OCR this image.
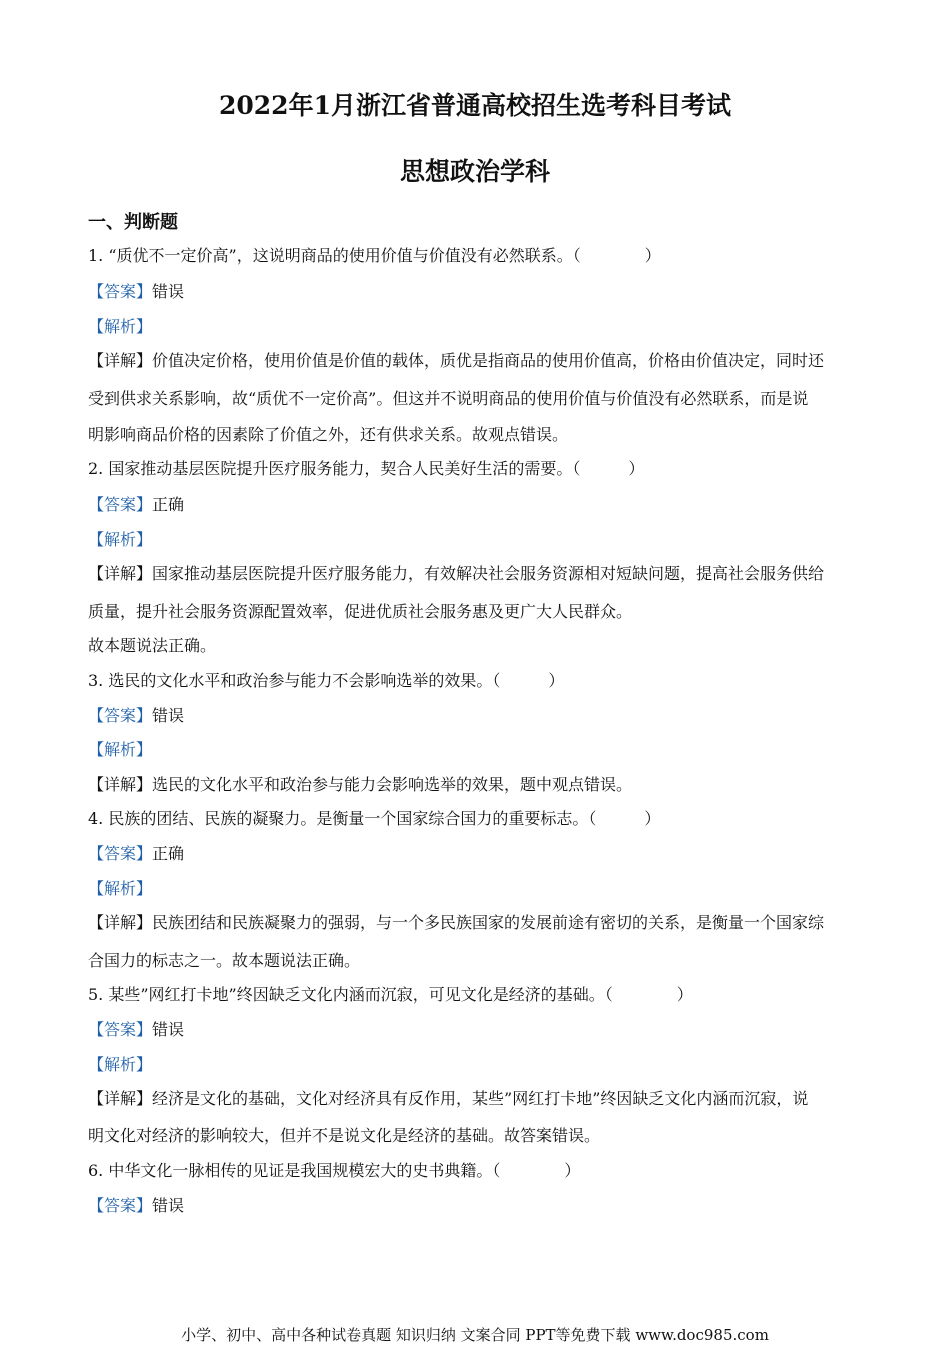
2022年1月浙江省普通高校招生选考科目考试
思想政治学科
一、判断题
1. “质优不一定价高”，这说明商品的使用价值与价值没有必然联系。（　　　　）
【答案】错误
【解析】
【详解】价值决定价格，使用价值是价值的载体，质优是指商品的使用价值高，价格由价值决定，同时还
受到供求关系影响，故“质优不一定价高”。但这并不说明商品的使用价值与价值没有必然联系，而是说
明影响商品价格的因素除了价值之外，还有供求关系。故观点错误。
2. 国家推动基层医院提升医疗服务能力，契合人民美好生活的需要。（　　　）
【答案】正确
【解析】
【详解】国家推动基层医院提升医疗服务能力，有效解决社会服务资源相对短缺问题，提高社会服务供给
质量，提升社会服务资源配置效率，促进优质社会服务惠及更广大人民群众。
故本题说法正确。
3. 选民的文化水平和政治参与能力不会影响选举的效果。（　　　）
【答案】错误
【解析】
【详解】选民的文化水平和政治参与能力会影响选举的效果，题中观点错误。
4. 民族的团结、民族的凝聚力。是衡量一个国家综合国力的重要标志。（　　　）
【答案】正确
【解析】
【详解】民族团结和民族凝聚力的强弱，与一个多民族国家的发展前途有密切的关系，是衡量一个国家综
合国力的标志之一。故本题说法正确。
5. 某些”网红打卡地”终因缺乏文化内涵而沉寂，可见文化是经济的基础。（　　　　）
【答案】错误
【解析】
【详解】经济是文化的基础，文化对经济具有反作用，某些”网红打卡地”终因缺乏文化内涵而沉寂，说
明文化对经济的影响较大，但并不是说文化是经济的基础。故答案错误。
6. 中华文化一脉相传的见证是我国规模宏大的史书典籍。（　　　　）
【答案】错误
小学、初中、高中各种试卷真题 知识归纳 文案合同 PPT等免费下载 www.doc985.com
